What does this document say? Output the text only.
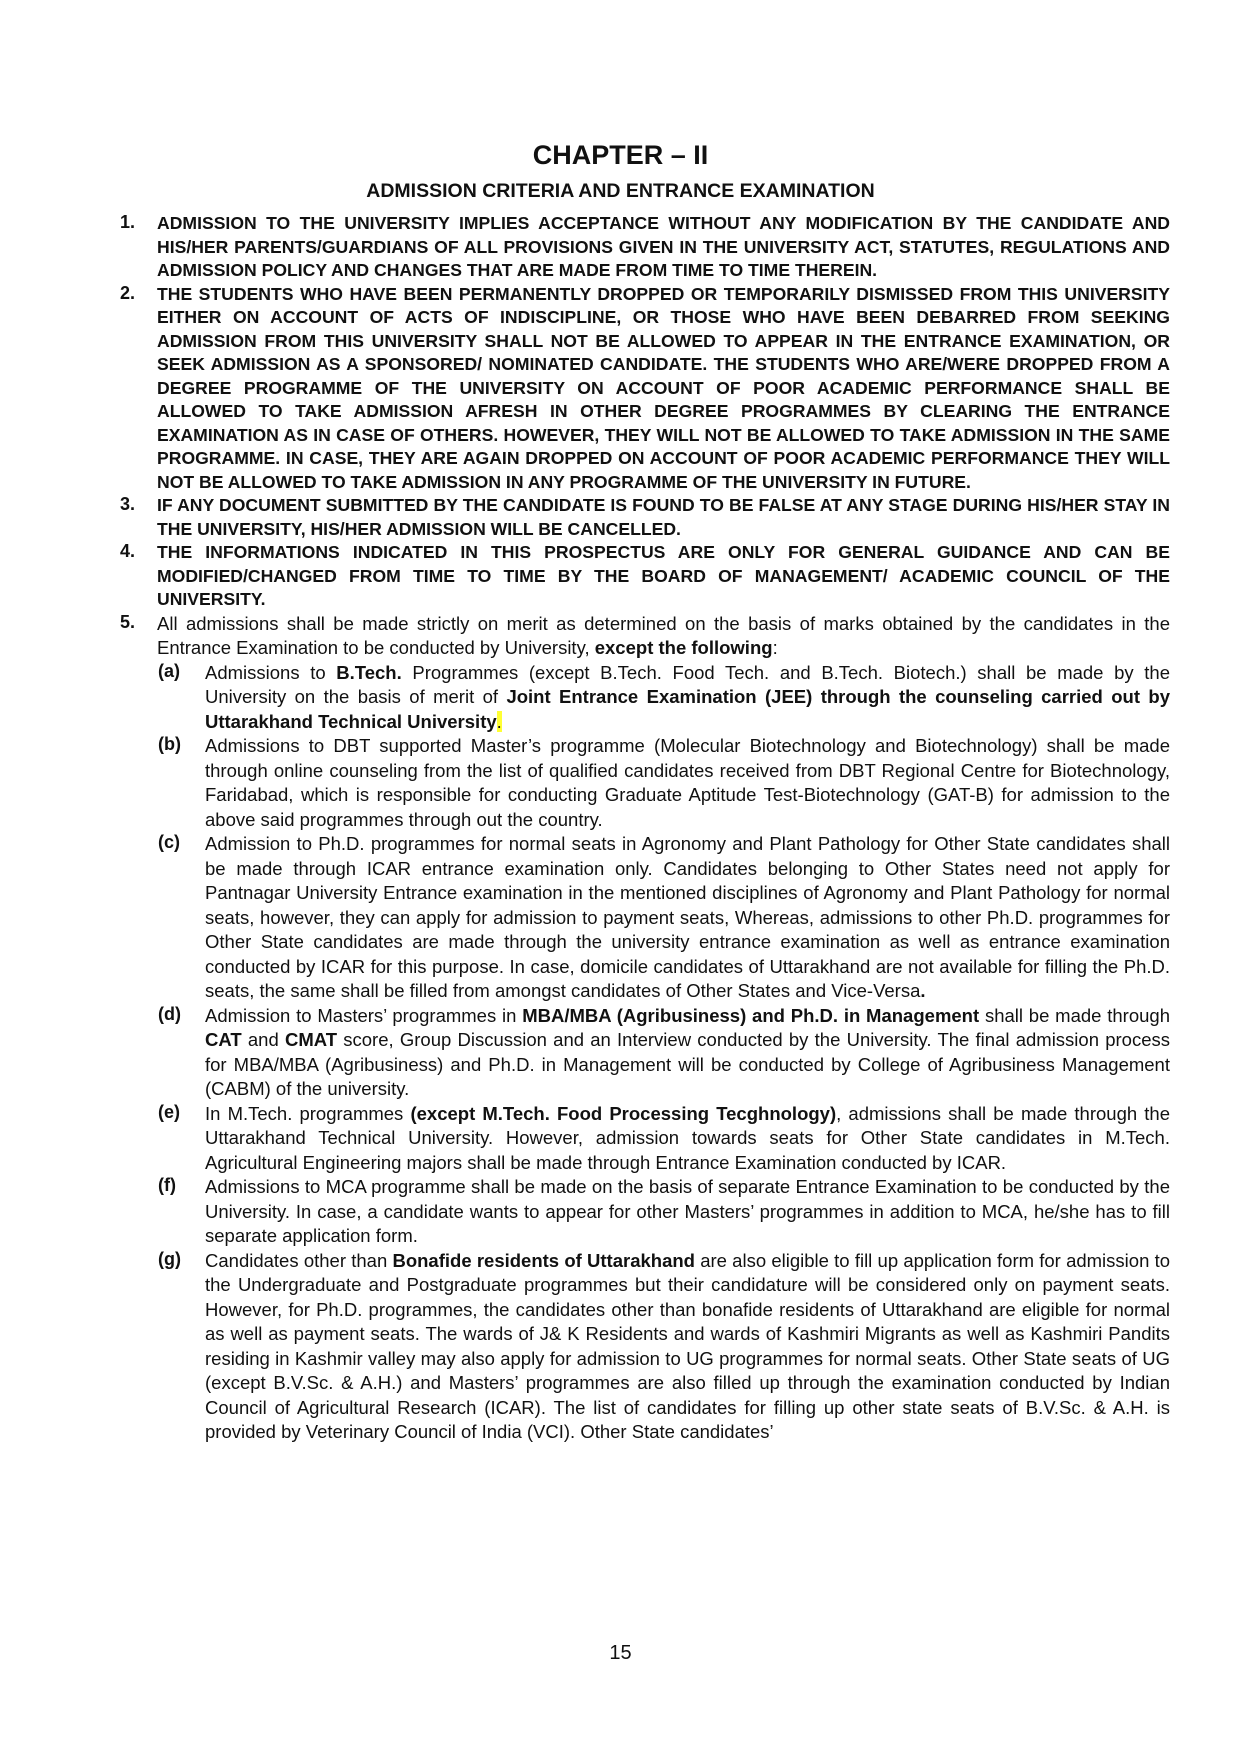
CHAPTER – II
ADMISSION CRITERIA AND ENTRANCE EXAMINATION
1. ADMISSION TO THE UNIVERSITY IMPLIES ACCEPTANCE WITHOUT ANY MODIFICATION BY THE CANDIDATE AND HIS/HER PARENTS/GUARDIANS OF ALL PROVISIONS GIVEN IN THE UNIVERSITY ACT, STATUTES, REGULATIONS AND ADMISSION POLICY AND CHANGES THAT ARE MADE FROM TIME TO TIME THEREIN.

2. THE STUDENTS WHO HAVE BEEN PERMANENTLY DROPPED OR TEMPORARILY DISMISSED FROM THIS UNIVERSITY EITHER ON ACCOUNT OF ACTS OF INDISCIPLINE, OR THOSE WHO HAVE BEEN DEBARRED FROM SEEKING ADMISSION FROM THIS UNIVERSITY SHALL NOT BE ALLOWED TO APPEAR IN THE ENTRANCE EXAMINATION, OR SEEK ADMISSION AS A SPONSORED/ NOMINATED CANDIDATE. THE STUDENTS WHO ARE/WERE DROPPED FROM A DEGREE PROGRAMME OF THE UNIVERSITY ON ACCOUNT OF POOR ACADEMIC PERFORMANCE SHALL BE ALLOWED TO TAKE ADMISSION AFRESH IN OTHER DEGREE PROGRAMMES BY CLEARING THE ENTRANCE EXAMINATION AS IN CASE OF OTHERS. HOWEVER, THEY WILL NOT BE ALLOWED TO TAKE ADMISSION IN THE SAME PROGRAMME. IN CASE, THEY ARE AGAIN DROPPED ON ACCOUNT OF POOR ACADEMIC PERFORMANCE THEY WILL NOT BE ALLOWED TO TAKE ADMISSION IN ANY PROGRAMME OF THE UNIVERSITY IN FUTURE.

3. IF ANY DOCUMENT SUBMITTED BY THE CANDIDATE IS FOUND TO BE FALSE AT ANY STAGE DURING HIS/HER STAY IN THE UNIVERSITY, HIS/HER ADMISSION WILL BE CANCELLED.

4. THE INFORMATIONS INDICATED IN THIS PROSPECTUS ARE ONLY FOR GENERAL GUIDANCE AND CAN BE MODIFIED/CHANGED FROM TIME TO TIME BY THE BOARD OF MANAGEMENT/ ACADEMIC COUNCIL OF THE UNIVERSITY.

5. All admissions shall be made strictly on merit as determined on the basis of marks obtained by the candidates in the Entrance Examination to be conducted by University, except the following:

(a) Admissions to B.Tech. Programmes (except B.Tech. Food Tech. and B.Tech. Biotech.) shall be made by the University on the basis of merit of Joint Entrance Examination (JEE) through the counseling carried out by Uttarakhand Technical University.

(b) Admissions to DBT supported Master’s programme (Molecular Biotechnology and Biotechnology) shall be made through online counseling from the list of qualified candidates received from DBT Regional Centre for Biotechnology, Faridabad, which is responsible for conducting Graduate Aptitude Test-Biotechnology (GAT-B) for admission to the above said programmes through out the country.

(c) Admission to Ph.D. programmes for normal seats in Agronomy and Plant Pathology for Other State candidates shall be made through ICAR entrance examination only. Candidates belonging to Other States need not apply for Pantnagar University Entrance examination in the mentioned disciplines of Agronomy and Plant Pathology for normal seats, however, they can apply for admission to payment seats, Whereas, admissions to other Ph.D. programmes for Other State candidates are made through the university entrance examination as well as entrance examination conducted by ICAR for this purpose. In case, domicile candidates of Uttarakhand are not available for filling the Ph.D. seats, the same shall be filled from amongst candidates of Other States and Vice-Versa.

(d) Admission to Masters’ programmes in MBA/MBA (Agribusiness) and Ph.D. in Management shall be made through CAT and CMAT score, Group Discussion and an Interview conducted by the University. The final admission process for MBA/MBA (Agribusiness) and Ph.D. in Management will be conducted by College of Agribusiness Management (CABM) of the university.

(e) In M.Tech. programmes (except M.Tech. Food Processing Tecghnology), admissions shall be made through the Uttarakhand Technical University. However, admission towards seats for Other State candidates in M.Tech. Agricultural Engineering majors shall be made through Entrance Examination conducted by ICAR.

(f) Admissions to MCA programme shall be made on the basis of separate Entrance Examination to be conducted by the University. In case, a candidate wants to appear for other Masters’ programmes in addition to MCA, he/she has to fill separate application form.

(g) Candidates other than Bonafide residents of Uttarakhand are also eligible to fill up application form for admission to the Undergraduate and Postgraduate programmes but their candidature will be considered only on payment seats. However, for Ph.D. programmes, the candidates other than bonafide residents of Uttarakhand are eligible for normal as well as payment seats. The wards of J& K Residents and wards of Kashmiri Migrants as well as Kashmiri Pandits residing in Kashmir valley may also apply for admission to UG programmes for normal seats. Other State seats of UG (except B.V.Sc. & A.H.) and Masters’ programmes are also filled up through the examination conducted by Indian Council of Agricultural Research (ICAR). The list of candidates for filling up other state seats of B.V.Sc. & A.H. is provided by Veterinary Council of India (VCI). Other State candidates’

15
